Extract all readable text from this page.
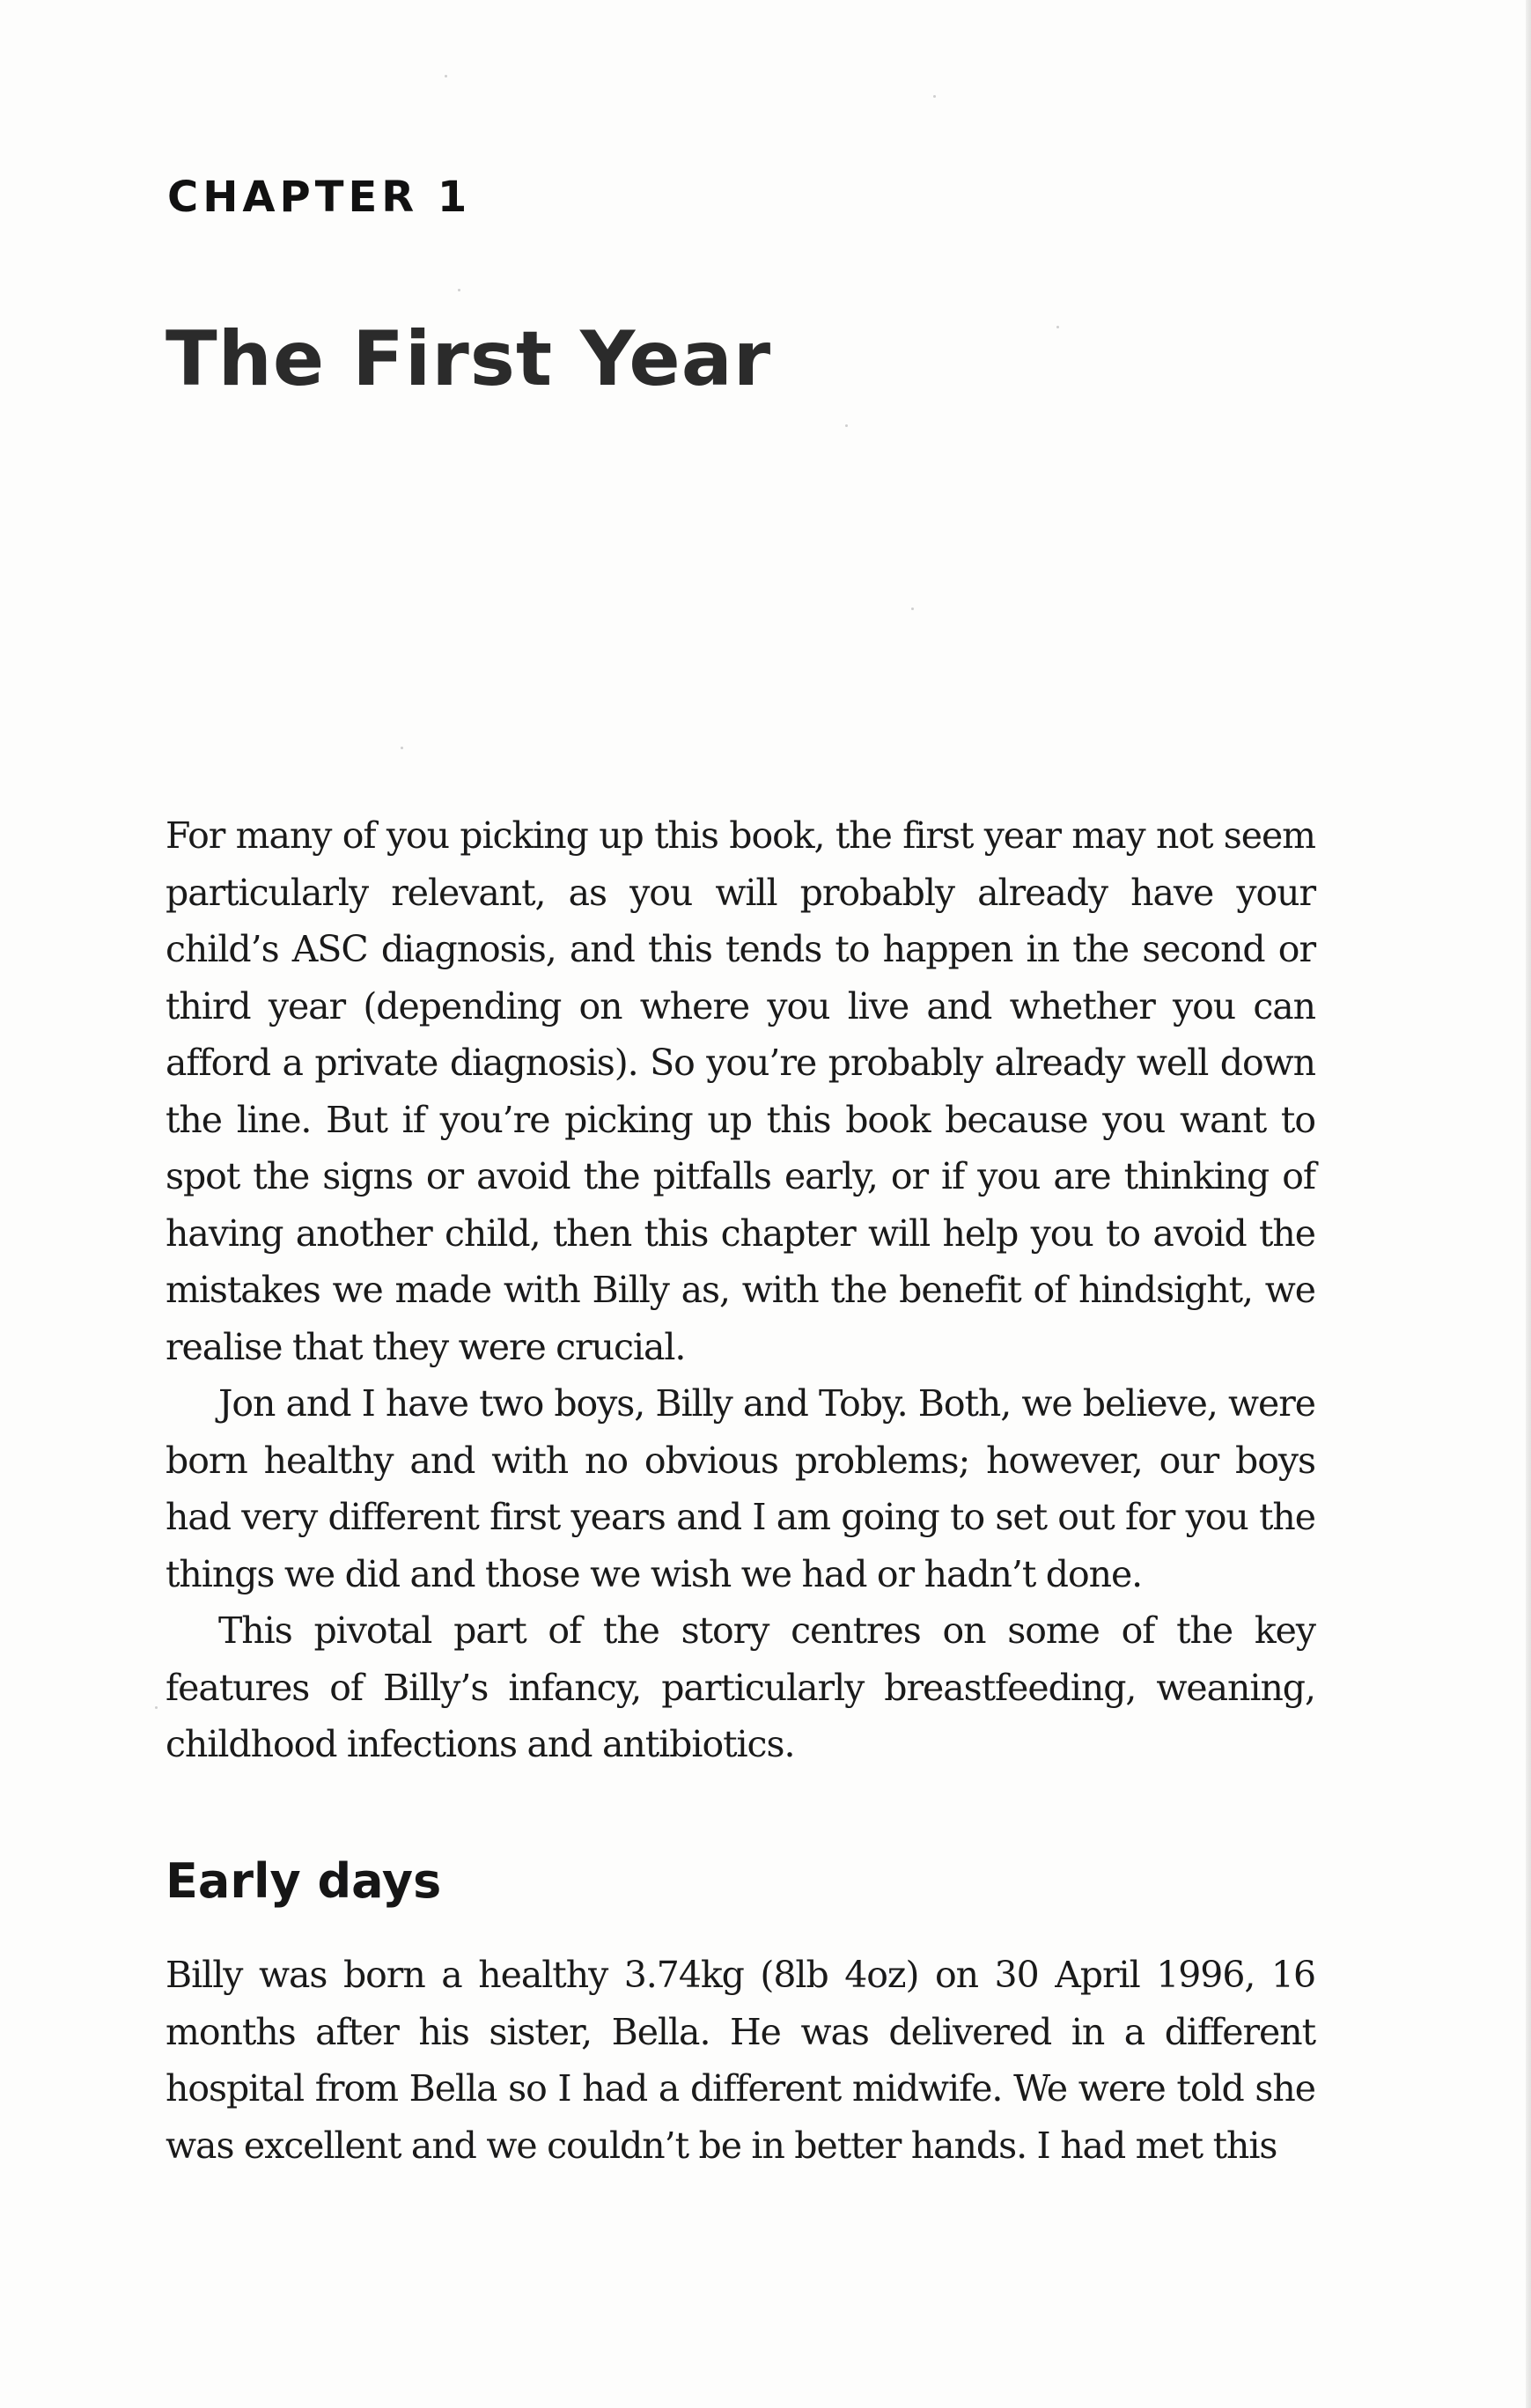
CHAPTER 1
The First Year

For many of you picking up this book, the first year may not seem particularly relevant, as you will probably already have your child’s ASC diagnosis, and this tends to happen in the second or third year (depending on where you live and whether you can afford a private diagnosis). So you’re probably already well down the line. But if you’re picking up this book because you want to spot the signs or avoid the pitfalls early, or if you are thinking of having another child, then this chapter will help you to avoid the mistakes we made with Billy as, with the benefit of hindsight, we realise that they were crucial.

Jon and I have two boys, Billy and Toby. Both, we believe, were born healthy and with no obvious problems; however, our boys had very different first years and I am going to set out for you the things we did and those we wish we had or hadn’t done.

This pivotal part of the story centres on some of the key features of Billy’s infancy, particularly breastfeeding, weaning, childhood infections and antibiotics.

Early days

Billy was born a healthy 3.74kg (8lb 4oz) on 30 April 1996, 16 months after his sister, Bella. He was delivered in a different hospital from Bella so I had a different midwife. We were told she was excellent and we couldn’t be in better hands. I had met this
